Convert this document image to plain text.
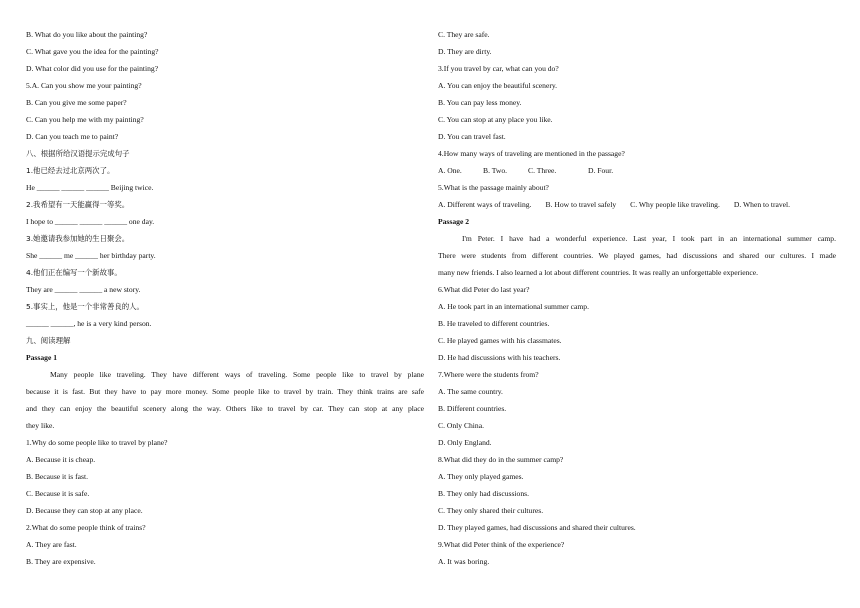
B. What do you like about the painting?
C. What gave you the idea for the painting?
D. What color did you use for the painting?
5.A. Can you show me your painting?
B. Can you give me some paper?
C. Can you help me with my painting?
D. Can you teach me to paint?
八、根据所给汉语提示完成句子
1.他已经去过北京两次了。
He ______ ______ ______ Beijing twice.
2.我希望有一天能赢得一等奖。
I hope to ______ ______ ______ one day.
3.她邀请我参加她的生日聚会。
She ______ me ______ her birthday party.
4.他们正在编写一个新故事。
They are ______ ______ a new story.
5.事实上，他是一个非常善良的人。
______ ______, he is a very kind person.
九、阅读理解
Passage 1
Many people like traveling. They have different ways of traveling. Some people like to travel by plane
because it is fast. But they have to pay more money. Some people like to travel by train. They think trains are safe
and they can enjoy the beautiful scenery along the way. Others like to travel by car. They can stop at any place
they like.
1.Why do some people like to travel by plane?
A. Because it is cheap.
B. Because it is fast.
C. Because it is safe.
D. Because they can stop at any place.
2.What do some people think of trains?
A. They are fast.
B. They are expensive.
C. They are safe.
D. They are dirty.
3.If you travel by car, what can you do?
A. You can enjoy the beautiful scenery.
B. You can pay less money.
C. You can stop at any place you like.
D. You can travel fast.
4.How many ways of traveling are mentioned in the passage?
A. One.	B. Two.	C. Three.	D. Four.
5.What is the passage mainly about?
A. Different ways of traveling. B. How to travel safely C. Why people like traveling. D. When to travel.
Passage 2
I'm Peter. I have had a wonderful experience. Last year, I took part in an international summer camp.
There were students from different countries. We played games, had discussions and shared our cultures. I made
many new friends. I also learned a lot about different countries. It was really an unforgettable experience.
6.What did Peter do last year?
A. He took part in an international summer camp.
B. He traveled to different countries.
C. He played games with his classmates.
D. He had discussions with his teachers.
7.Where were the students from?
A. The same country.
B. Different countries.
C. Only China.
D. Only England.
8.What did they do in the summer camp?
A. They only played games.
B. They only had discussions.
C. They only shared their cultures.
D. They played games, had discussions and shared their cultures.
9.What did Peter think of the experience?
A. It was boring.
